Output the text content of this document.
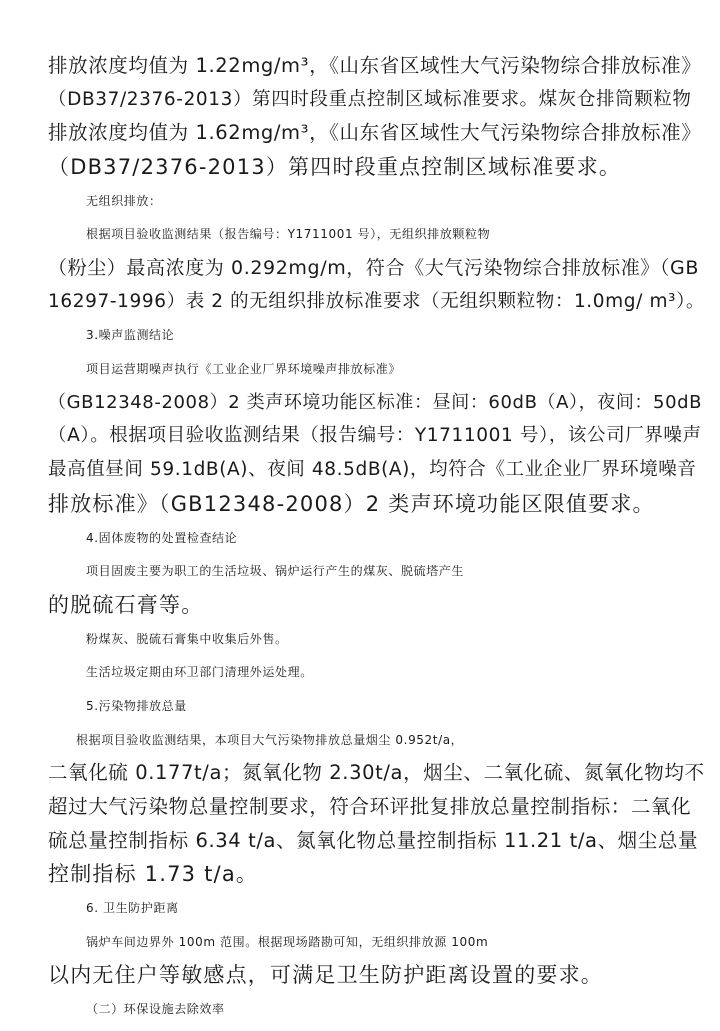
排放浓度均值为 1.22mg/m³，《山东省区域性大气污染物综合排放标准》
（DB37/2376-2013）第四时段重点控制区域标准要求。煤灰仓排筒颗粒物
排放浓度均值为 1.62mg/m³，《山东省区域性大气污染物综合排放标准》
（DB37/2376-2013）第四时段重点控制区域标准要求。
无组织排放：
根据项目验收监测结果（报告编号：Y1711001 号），无组织排放颗粒物
（粉尘）最高浓度为 0.292mg/m，符合《大气污染物综合排放标准》（GB
16297-1996）表 2 的无组织排放标准要求（无组织颗粒物：1.0mg/ m³）。
3.噪声监测结论
项目运营期噪声执行《工业企业厂界环境噪声排放标准》
（GB12348-2008）2 类声环境功能区标准：昼间：60dB（A），夜间：50dB
（A）。根据项目验收监测结果（报告编号：Y1711001 号），该公司厂界噪声
最高值昼间 59.1dB(A)、夜间 48.5dB(A)，均符合《工业企业厂界环境噪音
排放标准》（GB12348-2008）2 类声环境功能区限值要求。
4.固体废物的处置检查结论
项目固废主要为职工的生活垃圾、锅炉运行产生的煤灰、脱硫塔产生
的脱硫石膏等。
粉煤灰、脱硫石膏集中收集后外售。
生活垃圾定期由环卫部门清理外运处理。
5.污染物排放总量
根据项目验收监测结果，本项目大气污染物排放总量烟尘 0.952t/a，
二氧化硫 0.177t/a；氮氧化物 2.30t/a，烟尘、二氧化硫、氮氧化物均不
超过大气污染物总量控制要求，符合环评批复排放总量控制指标：二氧化
硫总量控制指标 6.34 t/a、氮氧化物总量控制指标 11.21 t/a、烟尘总量
控制指标 1.73 t/a。
6. 卫生防护距离
锅炉车间边界外 100m 范围。根据现场踏勘可知，无组织排放源 100m
以内无住户等敏感点，可满足卫生防护距离设置的要求。
（二）环保设施去除效率
